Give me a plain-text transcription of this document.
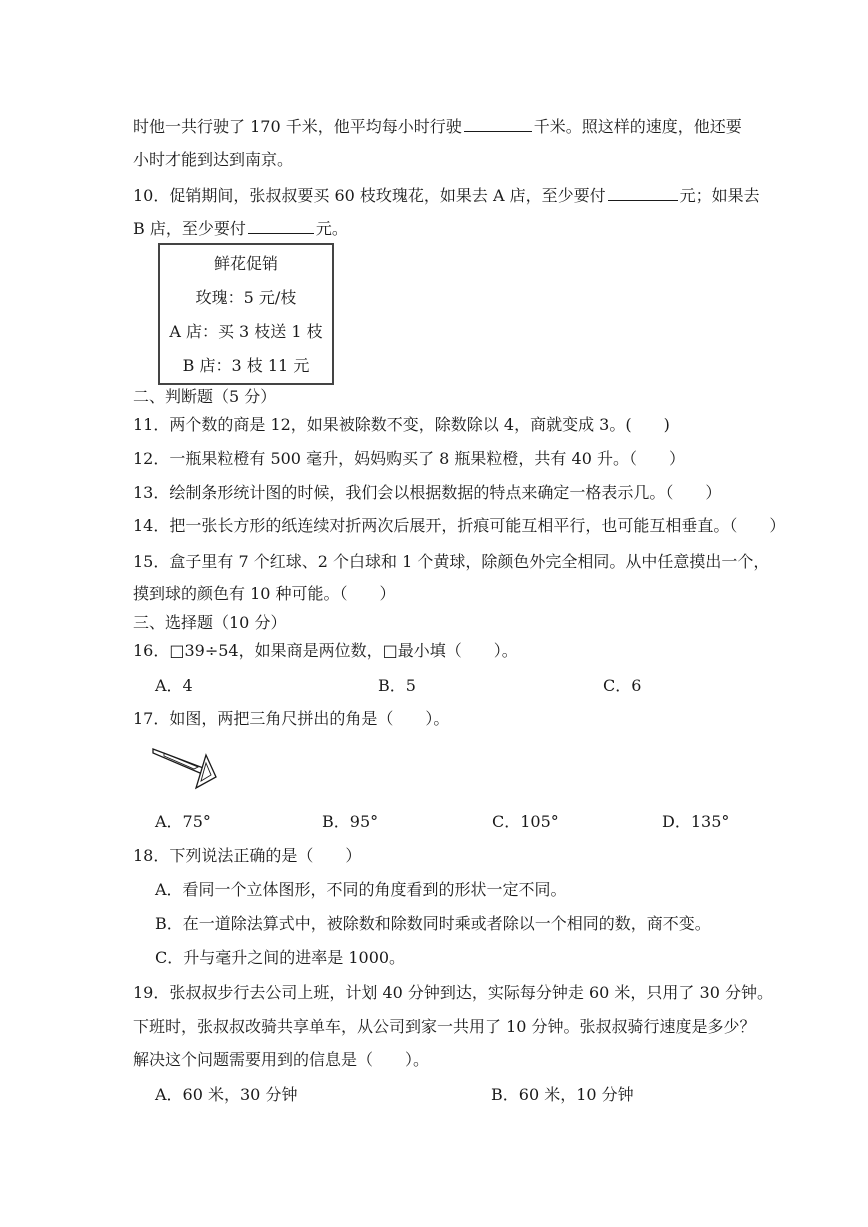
时他一共行驶了 170 千米，他平均每小时行驶	千米。照这样的速度，他还要
小时才能到达到南京。
10．促销期间，张叔叔要买 60 枝玫瑰花，如果去 A 店，至少要付	元；如果去
B 店，至少要付	元。
鲜花促销
玫瑰：5 元/枝
A 店：买 3 枝送 1 枝
B 店：3 枝 11 元
二、判断题（5 分）
11．两个数的商是 12，如果被除数不变，除数除以 4，商就变成 3。(　　)
12．一瓶果粒橙有 500 毫升，妈妈购买了 8 瓶果粒橙，共有 40 升。（　　）
13．绘制条形统计图的时候，我们会以根据数据的特点来确定一格表示几。（　　）
14．把一张长方形的纸连续对折两次后展开，折痕可能互相平行，也可能互相垂直。（　　）
15．盒子里有 7 个红球、2 个白球和 1 个黄球，除颜色外完全相同。从中任意摸出一个，
摸到球的颜色有 10 种可能。（　　）
三、选择题（10 分）
16．□39÷54，如果商是两位数，□最小填（　　）。
A．4	B．5	C．6
17．如图，两把三角尺拼出的角是（　　）。
A．75°	B．95°	C．105°	D．135°
18．下列说法正确的是（　　）
A．看同一个立体图形，不同的角度看到的形状一定不同。
B．在一道除法算式中，被除数和除数同时乘或者除以一个相同的数，商不变。
C．升与毫升之间的进率是 1000。
19．张叔叔步行去公司上班，计划 40 分钟到达，实际每分钟走 60 米，只用了 30 分钟。
下班时，张叔叔改骑共享单车，从公司到家一共用了 10 分钟。张叔叔骑行速度是多少？
解决这个问题需要用到的信息是（　　）。
A．60 米，30 分钟	B．60 米，10 分钟
